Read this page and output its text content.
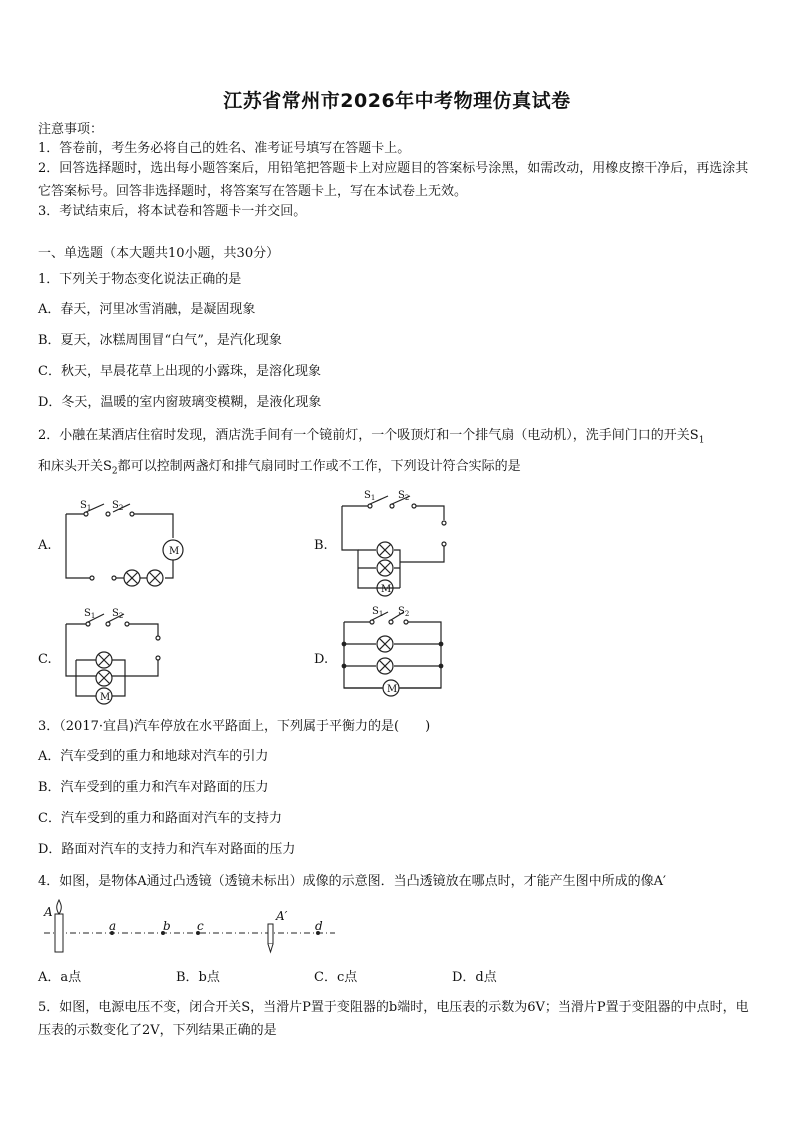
江苏省常州市2026年中考物理仿真试卷
注意事项：
1．答卷前，考生务必将自己的姓名、准考证号填写在答题卡上。
2．回答选择题时，选出每小题答案后，用铅笔把答题卡上对应题目的答案标号涂黑，如需改动，用橡皮擦干净后，再选涂其它答案标号。回答非选择题时，将答案写在答题卡上，写在本试卷上无效。
3．考试结束后，将本试卷和答题卡一并交回。
一、单选题（本大题共10小题，共30分）
1．下列关于物态变化说法正确的是
A．春天，河里冰雪消融，是凝固现象
B．夏天，冰糕周围冒“白气”，是汽化现象
C．秋天，早晨花草上出现的小露珠，是溶化现象
D．冬天，温暖的室内窗玻璃变模糊，是液化现象
2．小融在某酒店住宿时发现，酒店洗手间有一个镜前灯，一个吸顶灯和一个排气扇（电动机），洗手间门口的开关$S_1$
和床头开关$S_2$都可以控制两盏灯和排气扇同时工作或不工作，下列设计符合实际的是
$S_1$ $S_2$
M
$S_1$ $S_2$
M
$S_1$ $S_2$
M
$S_1$ $S_2$
M
A.	B.
C.	D.
3．（2017·宜昌)汽车停放在水平路面上，下列属于平衡力的是(　　)
A．汽车受到的重力和地球对汽车的引力
B．汽车受到的重力和汽车对路面的压力
C．汽车受到的重力和路面对汽车的支持力
D．路面对汽车的支持力和汽车对路面的压力
4．如图，是物体A通过凸透镜（透镜未标出）成像的示意图．当凸透镜放在哪点时，才能产生图中所成的像A′
A
a	b c
A′
d
A．a点	B．b点	C．c点	D．d点
5．如图，电源电压不变，闭合开关S，当滑片P置于变阻器的b端时，电压表的示数为6V；当滑片P置于变阻器的中点时，电压表的示数变化了2V，下列结果正确的是
